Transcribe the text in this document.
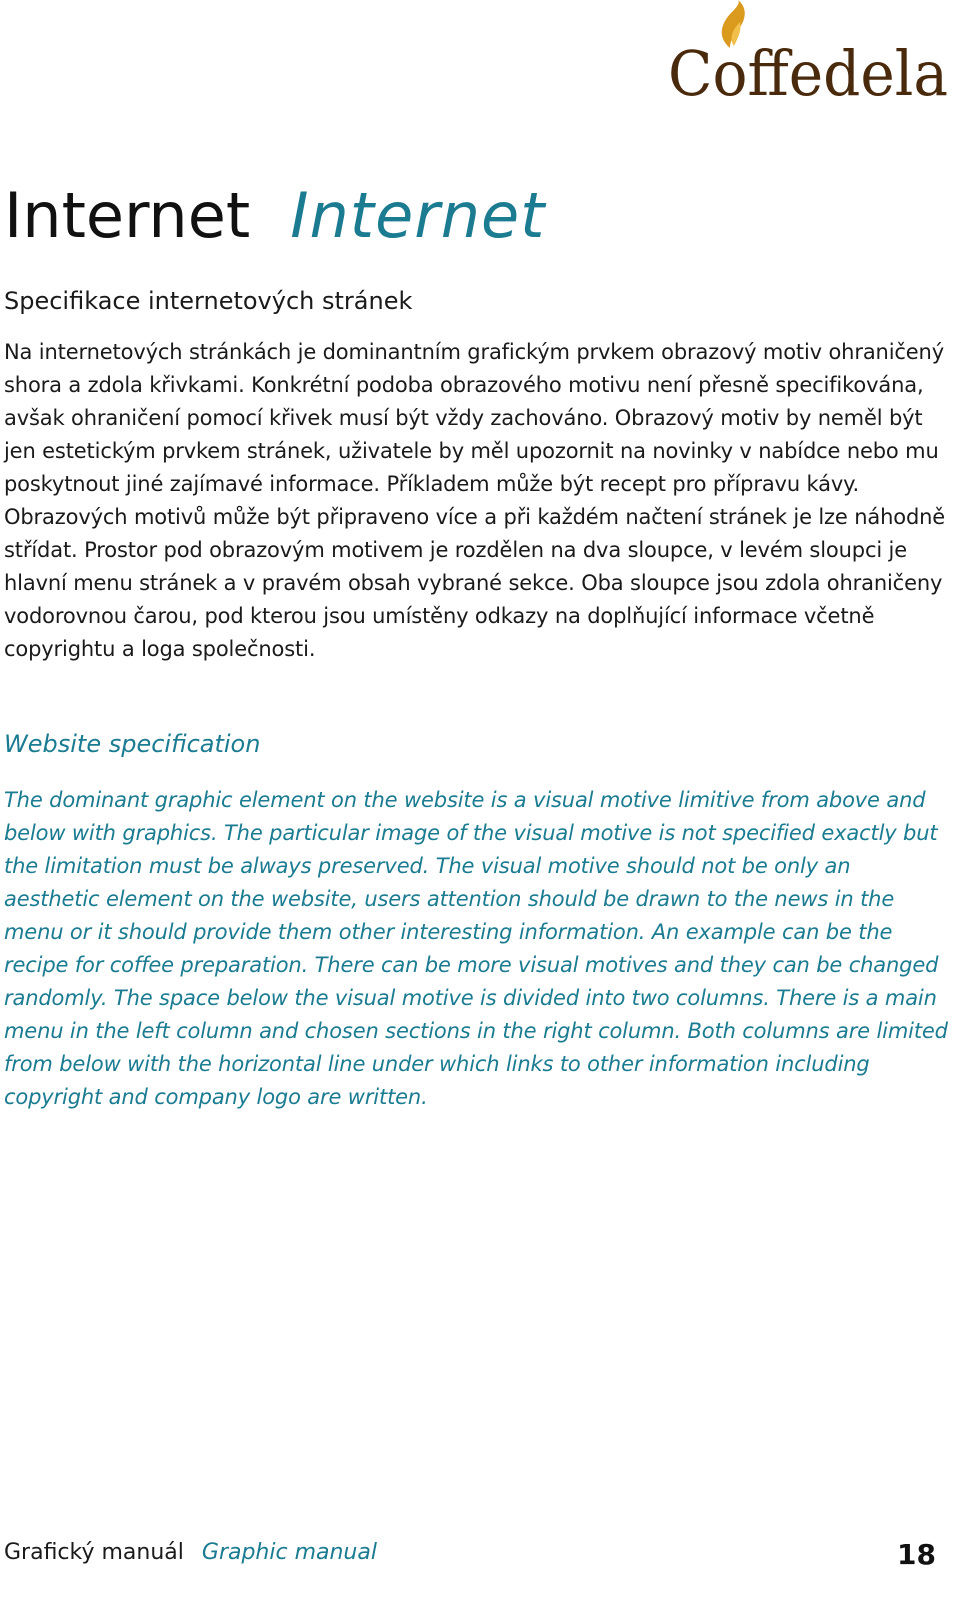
Coffedela
Internet Internet
Specifikace internetových stránek

Na internetových stránkách je dominantním grafickým prvkem obrazový motiv ohraničený shora a zdola křivkami. Konkrétní podoba obrazového motivu není přesně specifikována, avšak ohraničení pomocí křivek musí být vždy zachováno. Obrazový motiv by neměl být jen estetickým prvkem stránek, uživatele by měl upozornit na novinky v nabídce nebo mu poskytnout jiné zajímavé informace. Příkladem může být recept pro přípravu kávy. Obrazových motivů může být připraveno více a při každém načtení stránek je lze náhodně střídat. Prostor pod obrazovým motivem je rozdělen na dva sloupce, v levém sloupci je hlavní menu stránek a v pravém obsah vybrané sekce. Oba sloupce jsou zdola ohraničeny vodorovnou čarou, pod kterou jsou umístěny odkazy na doplňující informace včetně copyrightu a loga společnosti.

Website specification

The dominant graphic element on the website is a visual motive limitive from above and below with graphics. The particular image of the visual motive is not specified exactly but the limitation must be always preserved. The visual motive should not be only an aesthetic element on the website, users attention should be drawn to the news in the menu or it should provide them other interesting information. An example can be the recipe for coffee preparation. There can be more visual motives and they can be changed randomly. The space below the visual motive is divided into two columns. There is a main menu in the left column and chosen sections in the right column. Both columns are limited from below with the horizontal line under which links to other information including copyright and company logo are written.

Grafický manuál Graphic manual	18
